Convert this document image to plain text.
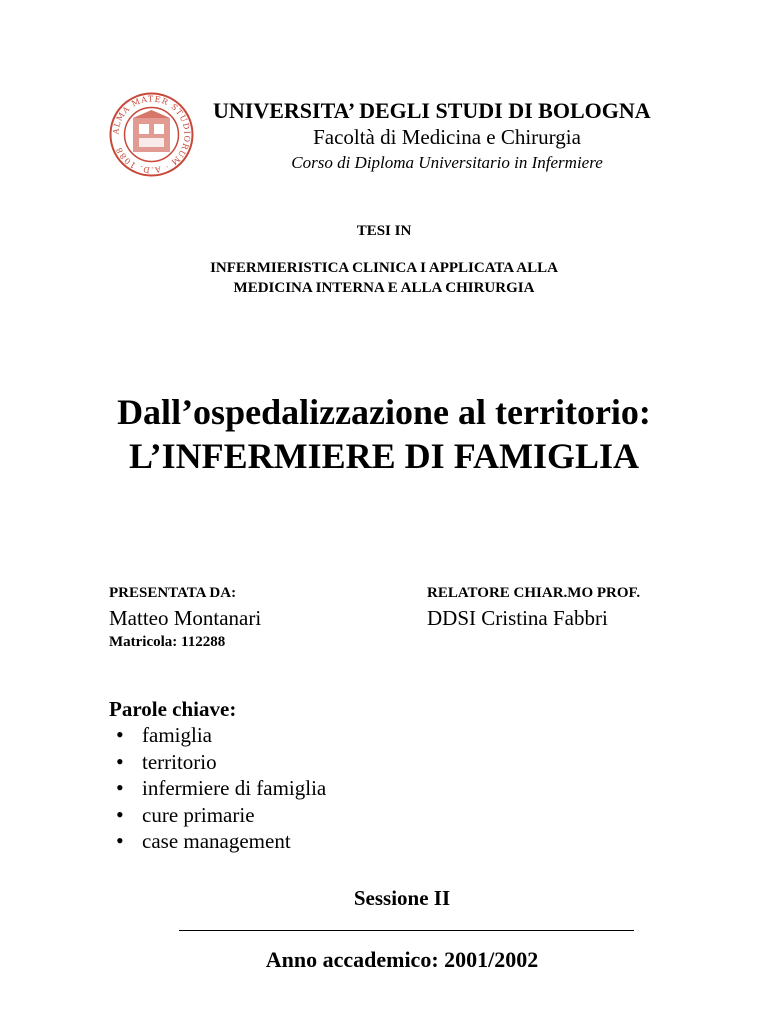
ALMA MATER STUDIORUM · A.D. 1088
UNIVERSITA’ DEGLI STUDI DI BOLOGNA
Facoltà di Medicina e Chirurgia
Corso di Diploma Universitario in Infermiere
TESI IN
INFERMIERISTICA CLINICA I APPLICATA ALLA
MEDICINA INTERNA E ALLA CHIRURGIA
Dall’ospedalizzazione al territorio:
L’INFERMIERE DI FAMIGLIA
PRESENTATA DA:
Matteo Montanari
Matricola: 112288
RELATORE CHIAR.MO PROF.
DDSI Cristina Fabbri
Parole chiave:
• famiglia
• territorio
• infermiere di famiglia
• cure primarie
• case management
Sessione II
Anno accademico: 2001/2002
